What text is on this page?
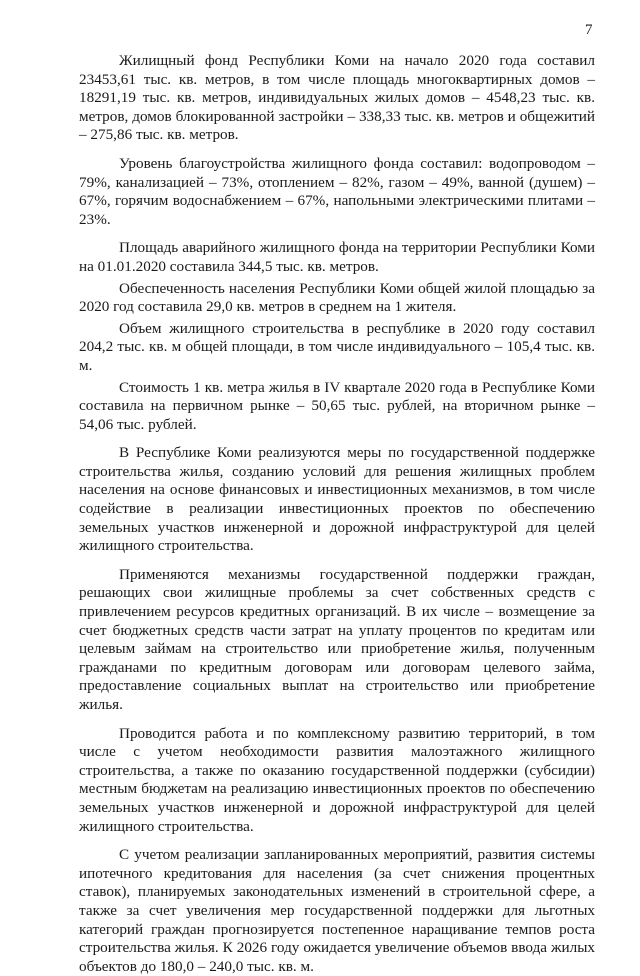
7

Жилищный фонд Республики Коми на начало 2020 года составил 23453,61 тыс. кв. метров, в том числе площадь многоквартирных домов – 18291,19 тыс. кв. метров, индивидуальных жилых домов – 4548,23 тыс. кв. метров, домов блокированной застройки – 338,33 тыс. кв. метров и общежитий – 275,86 тыс. кв. метров.

Уровень благоустройства жилищного фонда составил: водопроводом – 79%, канализацией – 73%, отоплением – 82%, газом – 49%, ванной (душем) – 67%, горячим водоснабжением – 67%, напольными электрическими плитами – 23%.

Площадь аварийного жилищного фонда на территории Республики Коми на 01.01.2020 составила 344,5 тыс. кв. метров.

Обеспеченность населения Республики Коми общей жилой площадью за 2020 год составила 29,0 кв. метров в среднем на 1 жителя.

Объем жилищного строительства в республике в 2020 году составил 204,2 тыс. кв. м общей площади, в том числе индивидуального – 105,4 тыс. кв. м.

Стоимость 1 кв. метра жилья в IV квартале 2020 года в Республике Коми составила на первичном рынке – 50,65 тыс. рублей, на вторичном рынке – 54,06 тыс. рублей.

В Республике Коми реализуются меры по государственной поддержке строительства жилья, созданию условий для решения жилищных проблем населения на основе финансовых и инвестиционных механизмов, в том числе содействие в реализации инвестиционных проектов по обеспечению земельных участков инженерной и дорожной инфраструктурой для целей жилищного строительства.

Применяются механизмы государственной поддержки граждан, решающих свои жилищные проблемы за счет собственных средств с привлечением ресурсов кредитных организаций. В их числе – возмещение за счет бюджетных средств части затрат на уплату процентов по кредитам или целевым займам на строительство или приобретение жилья, полученным гражданами по кредитным договорам или договорам целевого займа, предоставление социальных выплат на строительство или приобретение жилья.

Проводится работа и по комплексному развитию территорий, в том числе с учетом необходимости развития малоэтажного жилищного строительства, а также по оказанию государственной поддержки (субсидии) местным бюджетам на реализацию инвестиционных проектов по обеспечению земельных участков инженерной и дорожной инфраструктурой для целей жилищного строительства.

С учетом реализации запланированных мероприятий, развития системы ипотечного кредитования для населения (за счет снижения процентных ставок), планируемых законодательных изменений в строительной сфере, а также за счет увеличения мер государственной поддержки для льготных категорий граждан прогнозируется постепенное наращивание темпов роста строительства жилья. К 2026 году ожидается увеличение объемов ввода жилых объектов до 180,0 – 240,0 тыс. кв. м.
